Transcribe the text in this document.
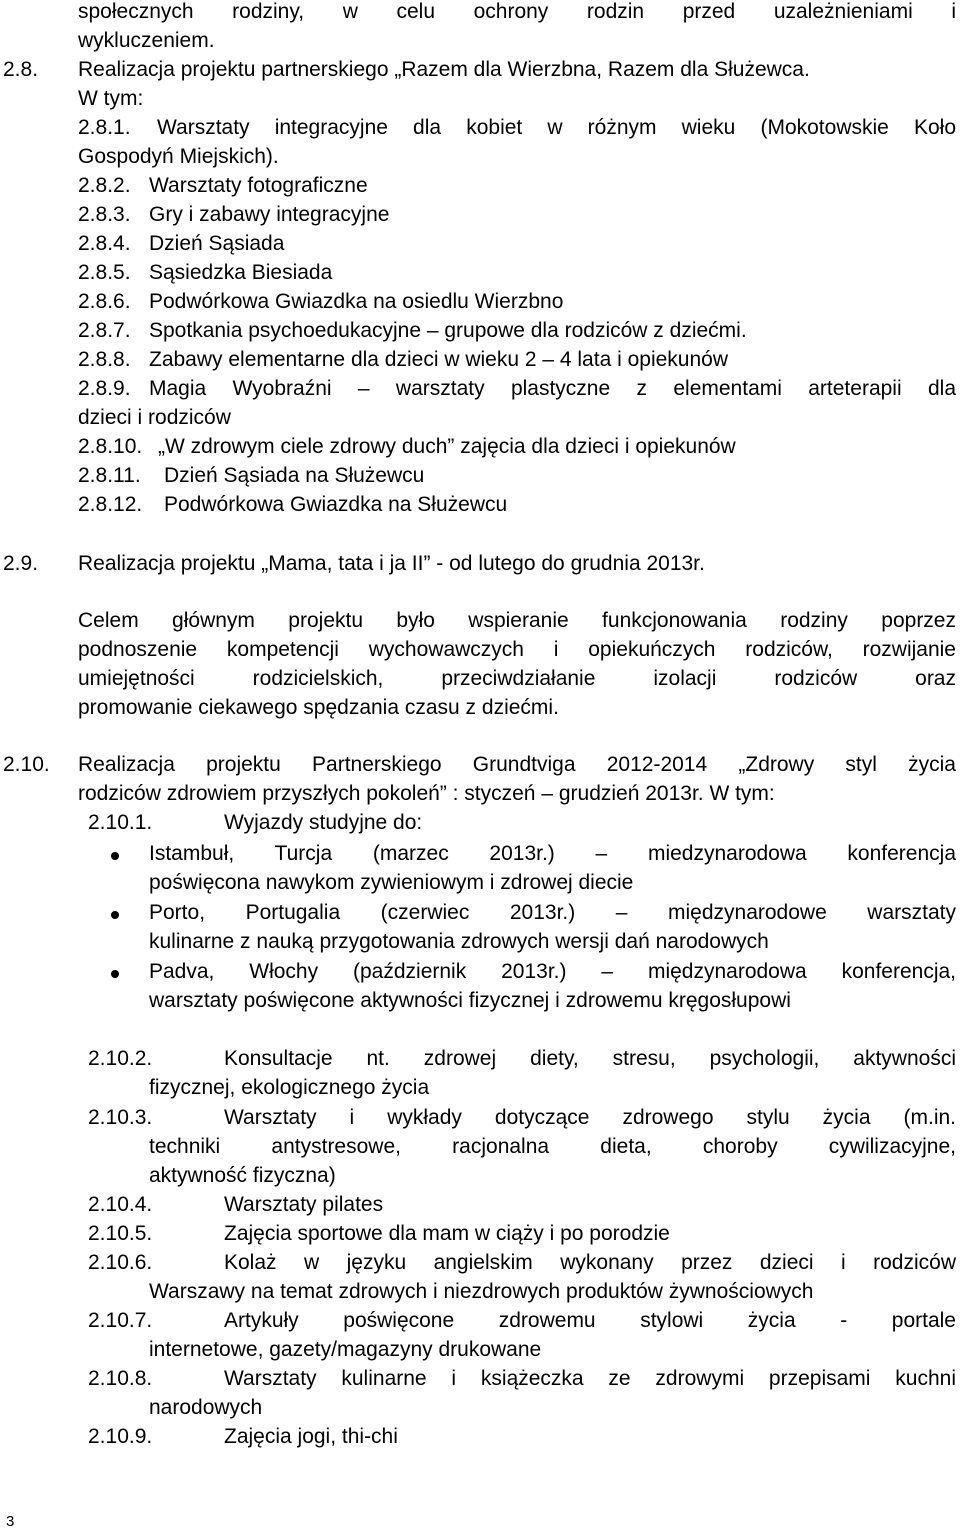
społecznych rodziny, w celu ochrony rodzin przed uzależnieniami i
wykluczeniem.
2.8. Realizacja projektu partnerskiego „Razem dla Wierzbna, Razem dla Służewca.
W tym:
2.8.1. Warsztaty integracyjne dla kobiet w różnym wieku (Mokotowskie Koło
Gospodyń Miejskich).
2.8.2. Warsztaty fotograficzne
2.8.3. Gry i zabawy integracyjne
2.8.4. Dzień Sąsiada
2.8.5. Sąsiedzka Biesiada
2.8.6. Podwórkowa Gwiazdka na osiedlu Wierzbno
2.8.7. Spotkania psychoedukacyjne – grupowe dla rodziców z dziećmi.
2.8.8. Zabawy elementarne dla dzieci w wieku 2 – 4 lata i opiekunów
2.8.9. Magia Wyobraźni – warsztaty plastyczne z elementami arteterapii dla
dzieci i rodziców
2.8.10. „W zdrowym ciele zdrowy duch” zajęcia dla dzieci i opiekunów
2.8.11. Dzień Sąsiada na Służewcu
2.8.12. Podwórkowa Gwiazdka na Służewcu
2.9. Realizacja projektu „Mama, tata i ja II” - od lutego do grudnia 2013r.
Celem głównym projektu było wspieranie funkcjonowania rodziny poprzez
podnoszenie kompetencji wychowawczych i opiekuńczych rodziców, rozwijanie
umiejętności rodzicielskich, przeciwdziałanie izolacji rodziców oraz
promowanie ciekawego spędzania czasu z dziećmi.
2.10. Realizacja projektu Partnerskiego Grundtviga 2012-2014 „Zdrowy styl życia
rodziców zdrowiem przyszłych pokoleń” : styczeń – grudzień 2013r. W tym:
2.10.1.	Wyjazdy studyjne do:
Istambuł, Turcja (marzec 2013r.) – miedzynarodowa konferencja
poświęcona nawykom zywieniowym i zdrowej diecie
Porto, Portugalia (czerwiec 2013r.) – międzynarodowe warsztaty
kulinarne z nauką przygotowania zdrowych wersji dań narodowych
Padva, Włochy (październik 2013r.) – międzynarodowa konferencja,
warsztaty poświęcone aktywności fizycznej i zdrowemu kręgosłupowi
2.10.2.	Konsultacje nt. zdrowej diety, stresu, psychologii, aktywności
fizycznej, ekologicznego życia
2.10.3.	Warsztaty i wykłady dotyczące zdrowego stylu życia (m.in.
techniki antystresowe, racjonalna dieta, choroby cywilizacyjne,
aktywność fizyczna)
2.10.4.	Warsztaty pilates
2.10.5.	Zajęcia sportowe dla mam w ciąży i po porodzie
2.10.6.	Kolaż w języku angielskim wykonany przez dzieci i rodziców
Warszawy na temat zdrowych i niezdrowych produktów żywnościowych
2.10.7.	Artykuły poświęcone zdrowemu stylowi życia - portale
internetowe, gazety/magazyny drukowane
2.10.8.	Warsztaty kulinarne i książeczka ze zdrowymi przepisami kuchni
narodowych
2.10.9.	Zajęcia jogi, thi-chi
3
